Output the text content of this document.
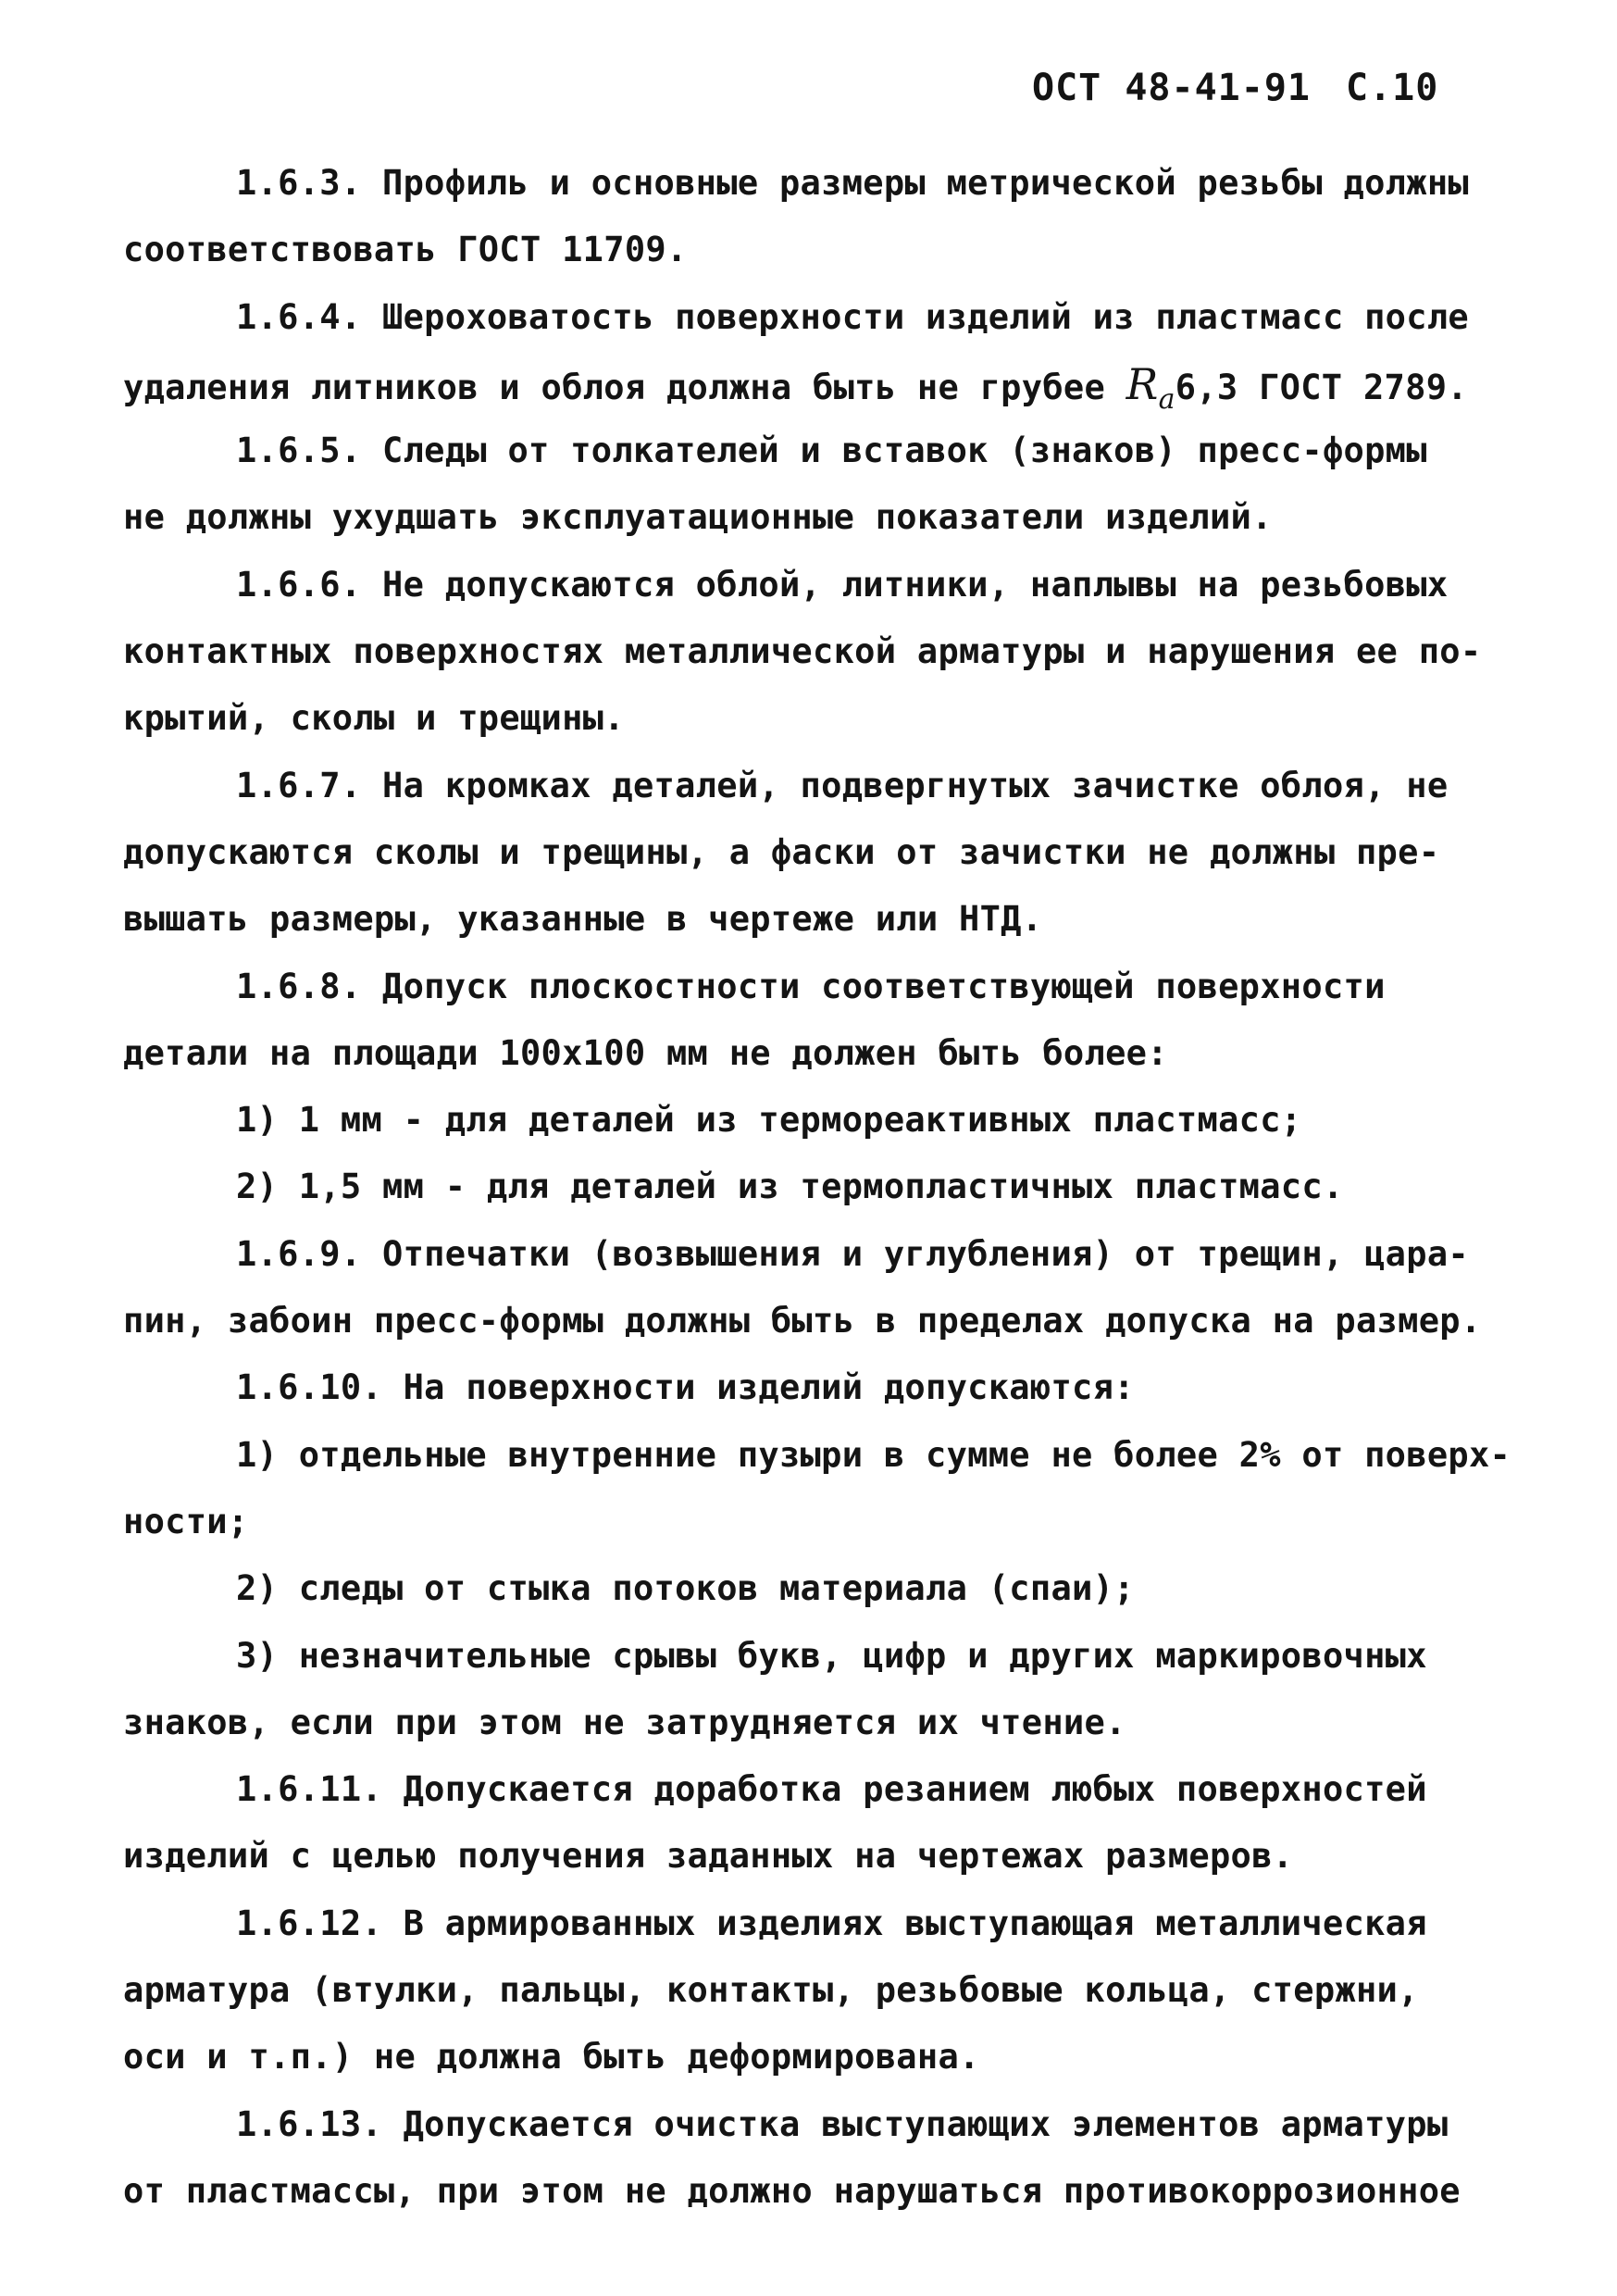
ОСТ 48-41-91 С.10
1.6.3. Профиль и основные размеры метрической резьбы должны
соответствовать ГОСТ 11709.
1.6.4. Шероховатость поверхности изделий из пластмасс после
удаления литников и облоя должна быть не грубее $R_a6,3$ ГОСТ 2789.
1.6.5. Следы от толкателей и вставок (знаков) пресс-формы
не должны ухудшать эксплуатационные показатели изделий.
1.6.6. Не допускаются облой, литники, наплывы на резьбовых
контактных поверхностях металлической арматуры и нарушения ее по-
крытий, сколы и трещины.
1.6.7. На кромках деталей, подвергнутых зачистке облоя, не
допускаются сколы и трещины, а фаски от зачистки не должны пре-
вышать размеры, указанные в чертеже или НТД.
1.6.8. Допуск плоскостности соответствующей поверхности
детали на площади 100х100 мм не должен быть более:
1) 1 мм - для деталей из термореактивных пластмасс;
2) 1,5 мм - для деталей из термопластичных пластмасс.
1.6.9. Отпечатки (возвышения и углубления) от трещин, цара-
пин, забоин пресс-формы должны быть в пределах допуска на размер.
1.6.10. На поверхности изделий допускаются:
1) отдельные внутренние пузыри в сумме не более 2% от поверх-
ности;
2) следы от стыка потоков материала (спаи);
3) незначительные срывы букв, цифр и других маркировочных
знаков, если при этом не затрудняется их чтение.
1.6.11. Допускается доработка резанием любых поверхностей
изделий с целью получения заданных на чертежах размеров.
1.6.12. В армированных изделиях выступающая металлическая
арматура (втулки, пальцы, контакты, резьбовые кольца, стержни,
оси и т.п.) не должна быть деформирована.
1.6.13. Допускается очистка выступающих элементов арматуры
от пластмассы, при этом не должно нарушаться противокоррозионное
